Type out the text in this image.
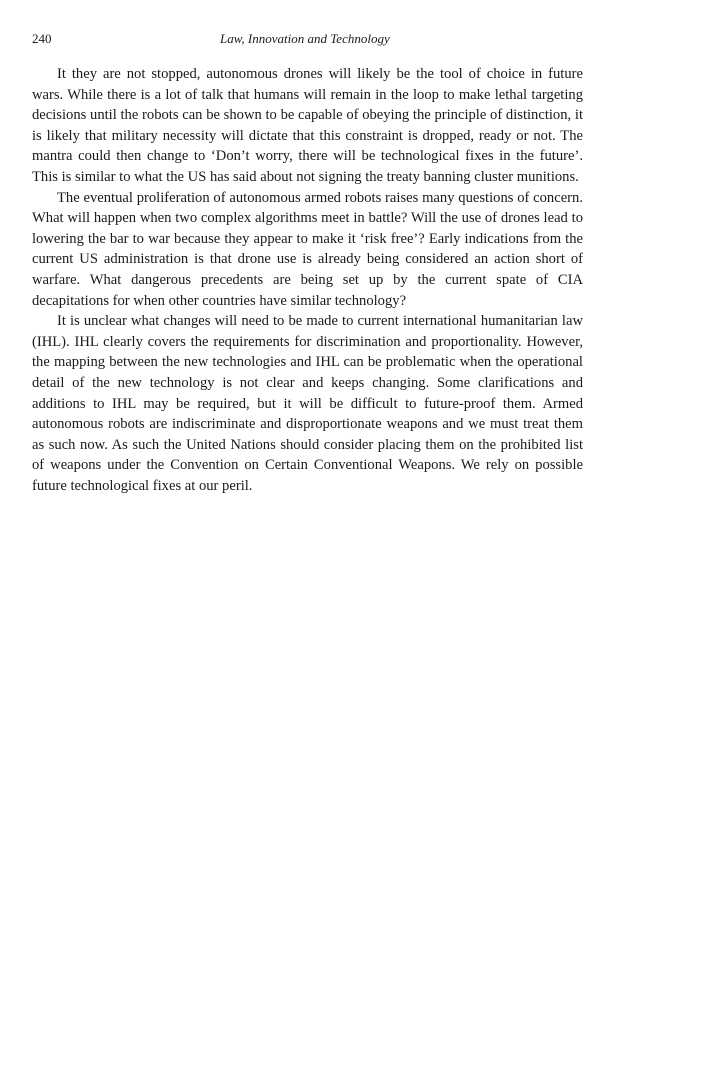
240	Law, Innovation and Technology

It they are not stopped, autonomous drones will likely be the tool of choice in future wars. While there is a lot of talk that humans will remain in the loop to make lethal targeting decisions until the robots can be shown to be capable of obeying the principle of distinction, it is likely that military necessity will dictate that this constraint is dropped, ready or not. The mantra could then change to ‘Don’t worry, there will be technological fixes in the future’. This is similar to what the US has said about not signing the treaty banning cluster munitions.

The eventual proliferation of autonomous armed robots raises many questions of concern. What will happen when two complex algorithms meet in battle? Will the use of drones lead to lowering the bar to war because they appear to make it ‘risk free’? Early indications from the current US administration is that drone use is already being considered an action short of warfare. What dangerous precedents are being set up by the current spate of CIA decapitations for when other countries have similar technology?

It is unclear what changes will need to be made to current international humanitarian law (IHL). IHL clearly covers the requirements for discrimination and proportionality. However, the mapping between the new technologies and IHL can be problematic when the operational detail of the new technology is not clear and keeps changing. Some clarifications and additions to IHL may be required, but it will be difficult to future-proof them. Armed autonomous robots are indiscriminate and disproportionate weapons and we must treat them as such now. As such the United Nations should consider placing them on the prohibited list of weapons under the Convention on Certain Conventional Weapons. We rely on possible future technological fixes at our peril.
